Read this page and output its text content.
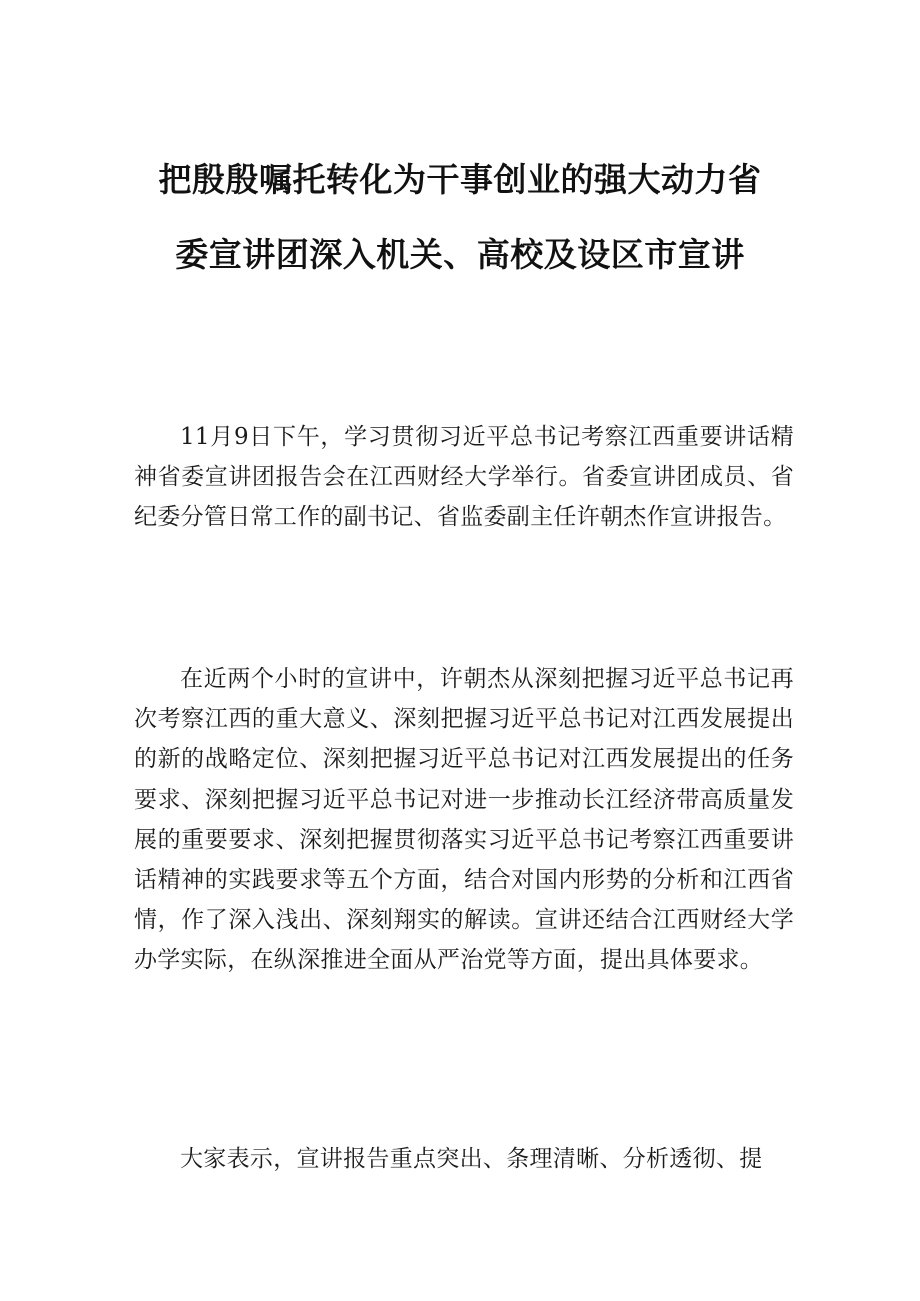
把殷殷嘱托转化为干事创业的强大动力省
委宣讲团深入机关、高校及设区市宣讲

11月9日下午，学习贯彻习近平总书记考察江西重要讲话精神省委宣讲团报告会在江西财经大学举行。省委宣讲团成员、省纪委分管日常工作的副书记、省监委副主任许朝杰作宣讲报告。

在近两个小时的宣讲中，许朝杰从深刻把握习近平总书记再次考察江西的重大意义、深刻把握习近平总书记对江西发展提出的新的战略定位、深刻把握习近平总书记对江西发展提出的任务要求、深刻把握习近平总书记对进一步推动长江经济带高质量发展的重要要求、深刻把握贯彻落实习近平总书记考察江西重要讲话精神的实践要求等五个方面，结合对国内形势的分析和江西省情，作了深入浅出、深刻翔实的解读。宣讲还结合江西财经大学办学实际，在纵深推进全面从严治党等方面，提出具体要求。

大家表示，宣讲报告重点突出、条理清晰、分析透彻、提
